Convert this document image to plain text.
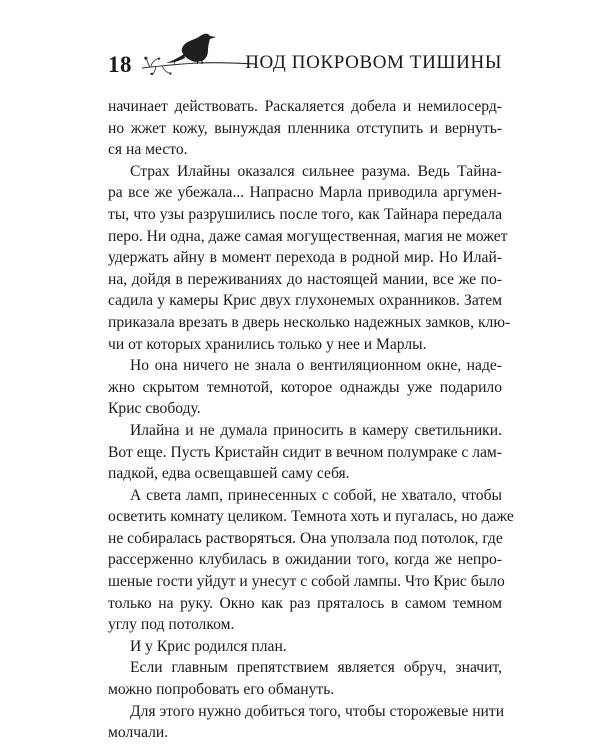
18	ПОД ПОКРОВОМ ТИШИНЫ
начинает действовать. Раскаляется добела и немилосерд-
но жжет кожу, вынуждая пленника отступить и вернуть-
ся на место.
Страх Илайны оказался сильнее разума. Ведь Тайна-
ра все же убежала... Напрасно Марла приводила аргумен-
ты, что узы разрушились после того, как Тайнара передала
перо. Ни одна, даже самая могущественная, магия не может
удержать айну в момент перехода в родной мир. Но Илай-
на, дойдя в переживаниях до настоящей мании, все же по-
садила у камеры Крис двух глухонемых охранников. Затем
приказала врезать в дверь несколько надежных замков, клю-
чи от которых хранились только у нее и Марлы.
Но она ничего не знала о вентиляционном окне, наде-
жно скрытом темнотой, которое однажды уже подарило
Крис свободу.
Илайна и не думала приносить в камеру светильники.
Вот еще. Пусть Кристайн сидит в вечном полумраке с лам-
падкой, едва освещавшей саму себя.
А света ламп, принесенных с собой, не хватало, чтобы
осветить комнату целиком. Темнота хоть и пугалась, но даже
не собиралась растворяться. Она уползала под потолок, где
рассерженно клубилась в ожидании того, когда же непро-
шеные гости уйдут и унесут с собой лампы. Что Крис было
только на руку. Окно как раз пряталось в самом темном
углу под потолком.
И у Крис родился план.
Если главным препятствием является обруч, значит,
можно попробовать его обмануть.
Для этого нужно добиться того, чтобы сторожевые нити
молчали.
